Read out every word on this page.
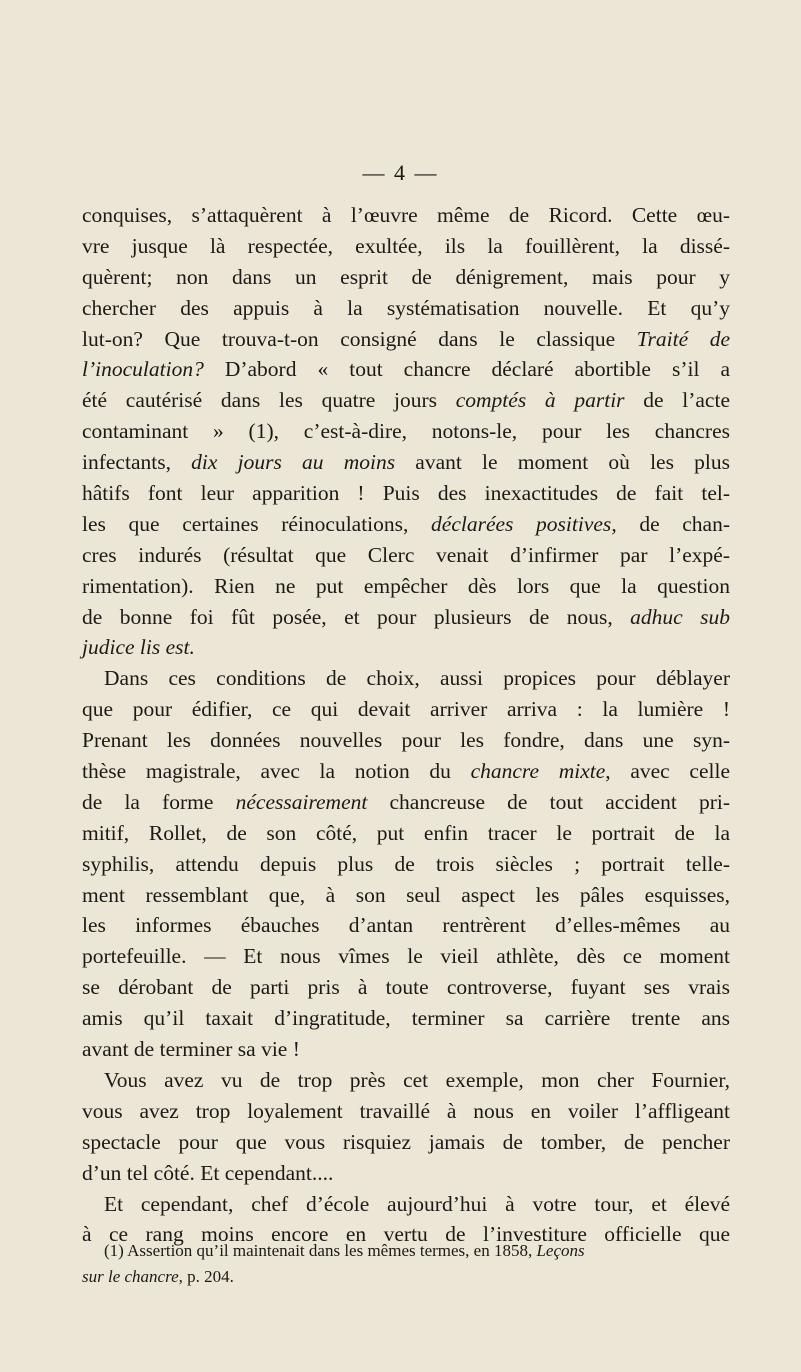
— 4 —
conquises, s’attaquèrent à l’œuvre même de Ricord. Cette œu-
vre jusque là respectée, exultée, ils la fouillèrent, la dissé-
quèrent; non dans un esprit de dénigrement, mais pour y
chercher des appuis à la systématisation nouvelle. Et qu’y
lut-on? Que trouva-t-on consigné dans le classique Traité de
l’inoculation? D’abord « tout chancre déclaré abortible s’il a
été cautérisé dans les quatre jours comptés à partir de l’acte
contaminant » (1), c’est-à-dire, notons-le, pour les chancres
infectants, dix jours au moins avant le moment où les plus
hâtifs font leur apparition ! Puis des inexactitudes de fait tel-
les que certaines réinoculations, déclarées positives, de chan-
cres indurés (résultat que Clerc venait d’infirmer par l’expé-
rimentation). Rien ne put empêcher dès lors que la question
de bonne foi fût posée, et pour plusieurs de nous, adhuc sub
judice lis est.
Dans ces conditions de choix, aussi propices pour déblayer
que pour édifier, ce qui devait arriver arriva : la lumière !
Prenant les données nouvelles pour les fondre, dans une syn-
thèse magistrale, avec la notion du chancre mixte, avec celle
de la forme nécessairement chancreuse de tout accident pri-
mitif, Rollet, de son côté, put enfin tracer le portrait de la
syphilis, attendu depuis plus de trois siècles ; portrait telle-
ment ressemblant que, à son seul aspect les pâles esquisses,
les informes ébauches d’antan rentrèrent d’elles-mêmes au
portefeuille. — Et nous vîmes le vieil athlète, dès ce moment
se dérobant de parti pris à toute controverse, fuyant ses vrais
amis qu’il taxait d’ingratitude, terminer sa carrière trente ans
avant de terminer sa vie !
Vous avez vu de trop près cet exemple, mon cher Fournier,
vous avez trop loyalement travaillé à nous en voiler l’affligeant
spectacle pour que vous risquiez jamais de tomber, de pencher
d’un tel côté. Et cependant....
Et cependant, chef d’école aujourd’hui à votre tour, et élevé
à ce rang moins encore en vertu de l’investiture officielle que
(1) Assertion qu’il maintenait dans les mêmes termes, en 1858, Leçons
sur le chancre, p. 204.
